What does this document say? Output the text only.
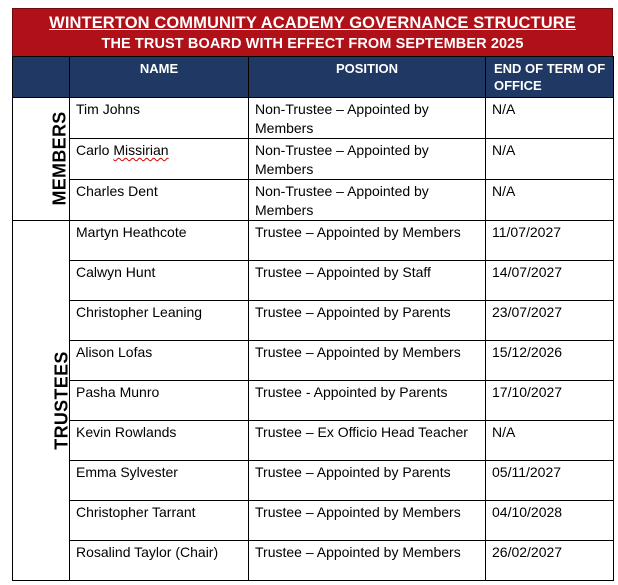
WINTERTON COMMUNITY ACADEMY GOVERNANCE STRUCTURE
THE TRUST BOARD WITH EFFECT FROM SEPTEMBER 2025
	NAME	POSITION	END OF TERM OF OFFICE
MEMBERS	Tim Johns	Non-Trustee – Appointed by Members	N/A
	Carlo Missirian	Non-Trustee – Appointed by Members	N/A
	Charles Dent	Non-Trustee – Appointed by Members	N/A
TRUSTEES	Martyn Heathcote	Trustee – Appointed by Members	11/07/2027
	Calwyn Hunt	Trustee – Appointed by Staff	14/07/2027
	Christopher Leaning	Trustee – Appointed by Parents	23/07/2027
	Alison Lofas	Trustee – Appointed by Members	15/12/2026
	Pasha Munro	Trustee - Appointed by Parents	17/10/2027
	Kevin Rowlands	Trustee – Ex Officio Head Teacher	N/A
	Emma Sylvester	Trustee – Appointed by Parents	05/11/2027
	Christopher Tarrant	Trustee – Appointed by Members	04/10/2028
	Rosalind Taylor (Chair)	Trustee – Appointed by Members	26/02/2027
